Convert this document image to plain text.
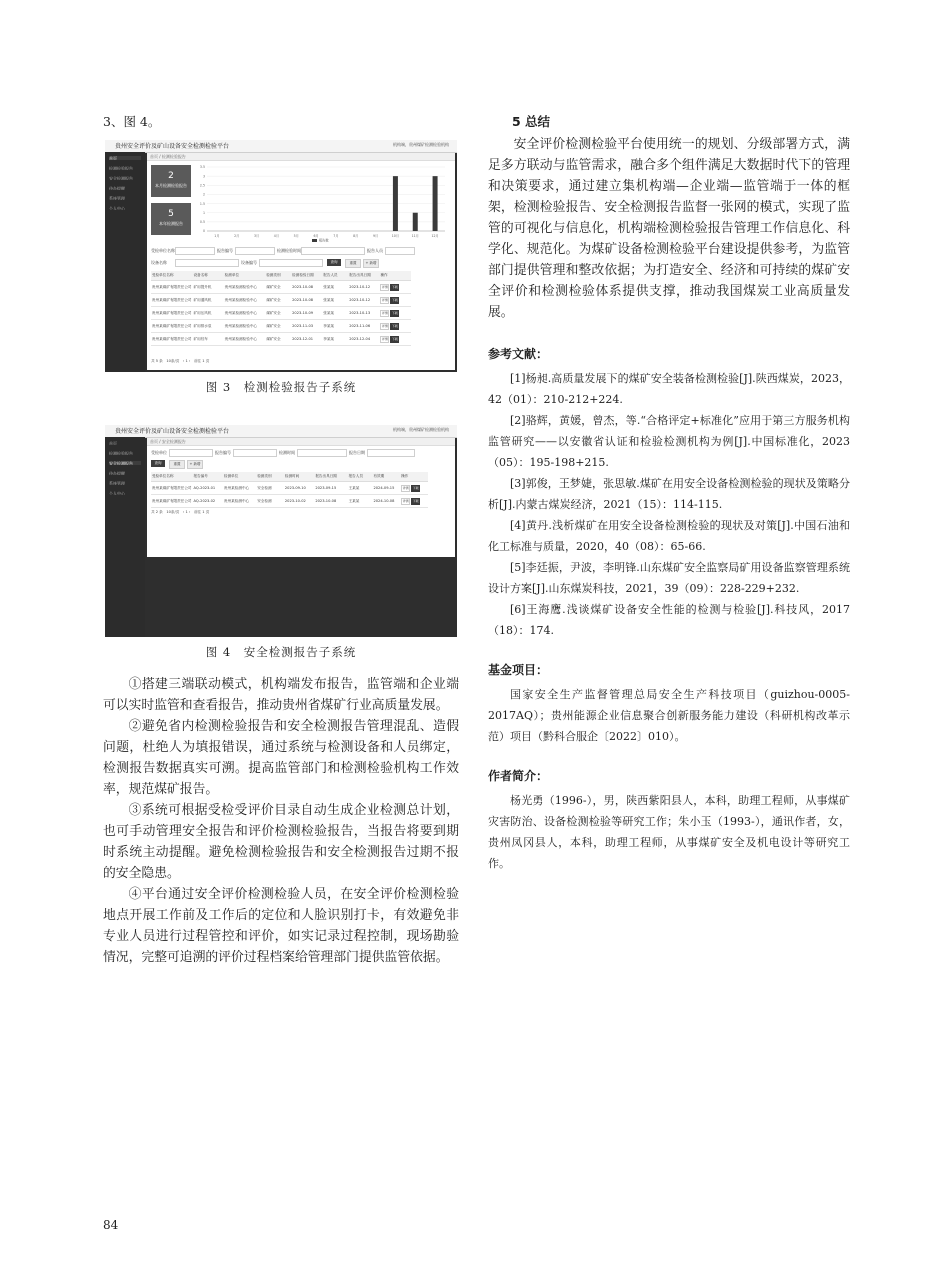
3、图 4。

贵州安全评价及矿山设备安全检测检验平台	机构端，贵州煤矿检测检验机构
首页
检测检验报告
安全检测报告
待办提醒
系统管理
个人中心
首页 / 检测检验报告
2
本月检测检验报告
5
本年检测报告
0
0.5
1
1.5
2
2.5
3
3.5
1月	2月	3月	4月	5月	6月	7月	8月	9月	10月	11月	12月
报告数
受检单位名称	报告编号	检测检验时间	报告人员
设备名称	设备编号	查询	重置	+ 新增
受检单位名称	设备名称	检测单位	检测类别	检测检验日期	报告人员	报告出具日期	操作
贵州某煤矿有限责任公司	矿用提升机	贵州某检测检验中心	煤矿安全	2023-10-08	张某某	2023-10-12	详情 下载
贵州某煤矿有限责任公司	矿用通风机	贵州某检测检验中心	煤矿安全	2023-10-08	张某某	2023-10-12	详情 下载
贵州某煤矿有限责任公司	矿用压风机	贵州某检测检验中心	煤矿安全	2023-10-09	张某某	2023-10-13	详情 下载
贵州某煤矿有限责任公司	矿用排水泵	贵州某检测检验中心	煤矿安全	2023-11-03	李某某	2023-11-06	详情 下载
贵州某煤矿有限责任公司	矿用绞车	贵州某检测检验中心	煤矿安全	2023-12-01	李某某	2023-12-04	详情 下载
共 5 条　10条/页　‹ 1 ›　前往 1 页

图 3　检测检验报告子系统

贵州安全评价及矿山设备安全检测检验平台	机构端，贵州煤矿检测检验机构
首页
检测检验报告
安全检测报告
待办提醒
系统管理
个人中心
首页 / 安全检测报告
受检单位	报告编号	检测时间	报告日期
查询	重置	+ 新增
受检单位名称	报告编号	检测单位	检测类别	检测时间	报告出具日期	报告人员	有效期	操作
贵州某煤矿有限责任公司	AQ-2023-01	贵州某检测中心	安全检测	2023-09-10	2023-09-15	王某某	2024-09-15	详情 下载
贵州某煤矿有限责任公司	AQ-2023-02	贵州某检测中心	安全检测	2023-10-02	2023-10-08	王某某	2024-10-08	详情 下载
共 2 条　10条/页　‹ 1 ›　前往 1 页

图 4　安全检测报告子系统

①搭建三端联动模式，机构端发布报告，监管端和企业端可以实时监管和查看报告，推动贵州省煤矿行业高质量发展。

②避免省内检测检验报告和安全检测报告管理混乱、造假问题，杜绝人为填报错误，通过系统与检测设备和人员绑定，检测报告数据真实可溯。提高监管部门和检测检验机构工作效率，规范煤矿报告。

③系统可根据受检受评价目录自动生成企业检测总计划，也可手动管理安全报告和评价检测检验报告，当报告将要到期时系统主动提醒。避免检测检验报告和安全检测报告过期不报的安全隐患。

④平台通过安全评价检测检验人员，在安全评价检测检验地点开展工作前及工作后的定位和人脸识别打卡，有效避免非专业人员进行过程管控和评价，如实记录过程控制，现场勘验情况，完整可追溯的评价过程档案给管理部门提供监管依据。

5 总结

安全评价检测检验平台使用统一的规划、分级部署方式，满足多方联动与监管需求，融合多个组件满足大数据时代下的管理和决策要求，通过建立集机构端—企业端—监管端于一体的框架，检测检验报告、安全检测报告监督一张网的模式，实现了监管的可视化与信息化，机构端检测检验报告管理工作信息化、科学化、规范化。为煤矿设备检测检验平台建设提供参考，为监管部门提供管理和整改依据；为打造安全、经济和可持续的煤矿安全评价和检测检验体系提供支撑，推动我国煤炭工业高质量发展。

参考文献：

[1]杨昶.高质量发展下的煤矿安全装备检测检验[J].陕西煤炭，2023，42（01）：210-212+224.

[2]骆辉，黄媛，曾杰，等.“合格评定+标准化”应用于第三方服务机构监管研究——以安徽省认证和检验检测机构为例[J].中国标准化，2023（05）：195-198+215.

[3]郭俊，王梦婕，张思敏.煤矿在用安全设备检测检验的现状及策略分析[J].内蒙古煤炭经济，2021（15）：114-115.

[4]黄丹.浅析煤矿在用安全设备检测检验的现状及对策[J].中国石油和化工标准与质量，2020，40（08）：65-66.

[5]李廷振，尹波，李明锋.山东煤矿安全监察局矿用设备监察管理系统设计方案[J].山东煤炭科技，2021，39（09）：228-229+232.

[6]王海鹰.浅谈煤矿设备安全性能的检测与检验[J].科技风，2017（18）：174.

基金项目：

国家安全生产监督管理总局安全生产科技项目（guizhou-0005-2017AQ）；贵州能源企业信息聚合创新服务能力建设（科研机构改革示范）项目（黔科合服企〔2022〕010）。

作者简介：

杨光勇（1996-），男，陕西紫阳县人，本科，助理工程师，从事煤矿灾害防治、设备检测检验等研究工作；朱小玉（1993-），通讯作者，女，贵州凤冈县人，本科，助理工程师，从事煤矿安全及机电设计等研究工作。

84
